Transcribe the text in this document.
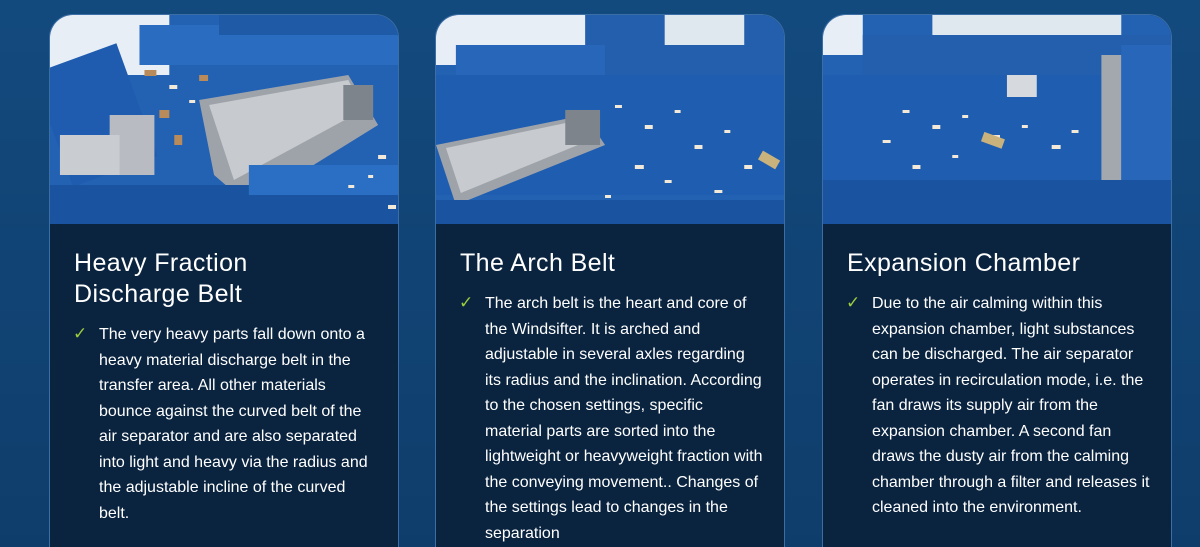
Heavy Fraction
Discharge Belt
✓ The very heavy parts fall down onto a heavy material discharge belt in the transfer area. All other materials bounce against the curved belt of the air separator and are also separated into light and heavy via the radius and the adjustable incline of the curved belt.
The Arch Belt
✓ The arch belt is the heart and core of the Windsifter. It is arched and adjustable in several axles regarding its radius and the inclination. According to the chosen settings, specific material parts are sorted into the lightweight or heavyweight fraction with the conveying movement.. Changes of the settings lead to changes in the separation
Expansion Chamber
✓ Due to the air calming within this expansion chamber, light substances can be discharged. The air separator operates in recirculation mode, i.e. the fan draws its supply air from the expansion chamber. A second fan draws the dusty air from the calming chamber through a filter and releases it cleaned into the environment.
